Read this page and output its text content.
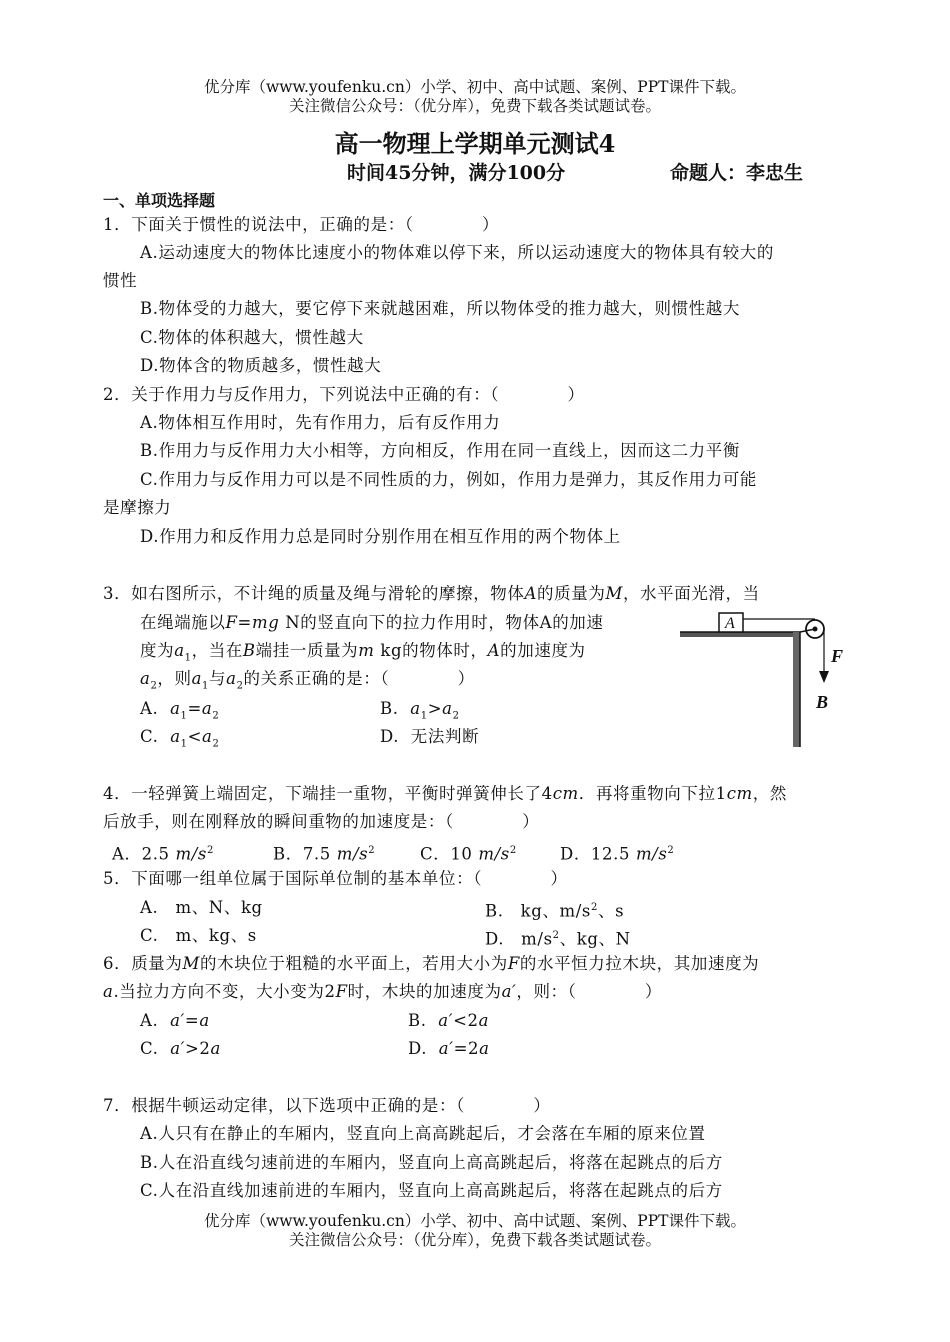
优分库（www.youfenku.cn）小学、初中、高中试题、案例、PPT课件下载。
关注微信公众号：（优分库），免费下载各类试题试卷。
高一物理上学期单元测试4
时间45分钟，满分100分	命题人：李忠生
一、单项选择题
1．下面关于惯性的说法中，正确的是：（　　　　）
A.运动速度大的物体比速度小的物体难以停下来，所以运动速度大的物体具有较大的
惯性
B.物体受的力越大，要它停下来就越困难，所以物体受的推力越大，则惯性越大
C.物体的体积越大，惯性越大
D.物体含的物质越多，惯性越大
2．关于作用力与反作用力，下列说法中正确的有：（　　　　）
A.物体相互作用时，先有作用力，后有反作用力
B.作用力与反作用力大小相等，方向相反，作用在同一直线上，因而这二力平衡
C.作用力与反作用力可以是不同性质的力，例如，作用力是弹力，其反作用力可能
是摩擦力
D.作用力和反作用力总是同时分别作用在相互作用的两个物体上
3．如右图所示，不计绳的质量及绳与滑轮的摩擦，物体A的质量为M，水平面光滑，当
在绳端施以F=mg N的竖直向下的拉力作用时，物体A的加速
度为$a_1$，当在B端挂一质量为m kg的物体时，A的加速度为
$a_2$，则$a_1$与$a_2$的关系正确的是：（　　　　）
A. $a_1=a_2$	B. $a_1>a_2$
C. $a_1<a_2$	D. 无法判断
A
F
B
4．一轻弹簧上端固定，下端挂一重物，平衡时弹簧伸长了4cm．再将重物向下拉1cm，然
后放手，则在刚释放的瞬间重物的加速度是：（　　　　）
A．2.5 $m/s^2$	B．7.5 $m/s^2$	C．10 $m/s^2$	D．12.5 $m/s^2$
5．下面哪一组单位属于国际单位制的基本单位：（　　　　）
A.　m、N、kg	B.　kg、$m/s^2$、s
C.　m、kg、s	D.　$m/s^2$、kg、N
6．质量为M的木块位于粗糙的水平面上，若用大小为F的水平恒力拉木块，其加速度为
a.当拉力方向不变，大小变为2F时，木块的加速度为a′，则：（　　　　）
A. a′=a	B. a′<2a
C. a′>2a	D. a′=2a
7．根据牛顿运动定律，以下选项中正确的是：（　　　　）
A.人只有在静止的车厢内，竖直向上高高跳起后，才会落在车厢的原来位置
B.人在沿直线匀速前进的车厢内，竖直向上高高跳起后，将落在起跳点的后方
C.人在沿直线加速前进的车厢内，竖直向上高高跳起后，将落在起跳点的后方
优分库（www.youfenku.cn）小学、初中、高中试题、案例、PPT课件下载。
关注微信公众号：（优分库），免费下载各类试题试卷。
